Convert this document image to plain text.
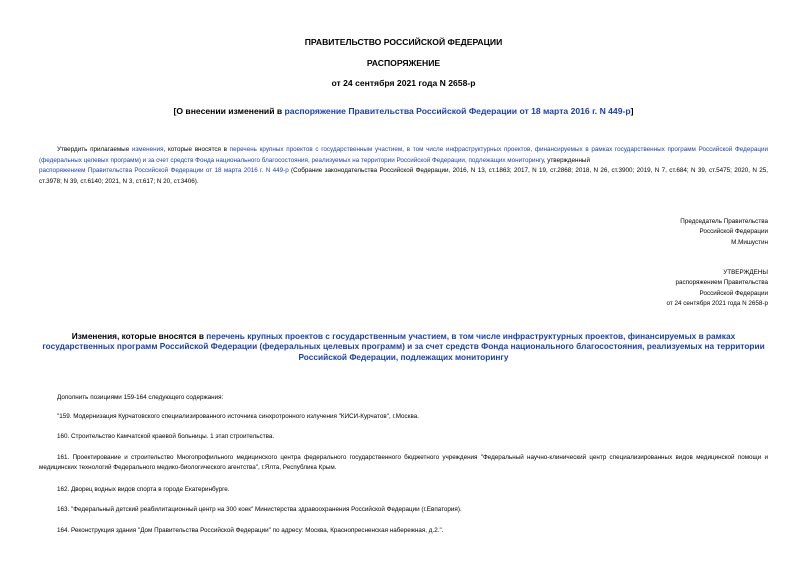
ПРАВИТЕЛЬСТВО РОССИЙСКОЙ ФЕДЕРАЦИИ
РАСПОРЯЖЕНИЕ
от 24 сентября 2021 года N 2658-р
[О внесении изменений в распоряжение Правительства Российской Федерации от 18 марта 2016 г. N 449-р]
Утвердить прилагаемые изменения, которые вносятся в перечень крупных проектов с государственным участием, в том числе инфраструктурных проектов, финансируемых в рамках государственных программ Российской Федерации (федеральных целевых программ) и за счет средств Фонда национального благосостояния, реализуемых на территории Российской Федерации, подлежащих мониторингу, утвержденный
распоряжением Правительства Российской Федерации от 18 марта 2016 г. N 449-р (Собрание законодательства Российской Федерации, 2016, N 13, ст.1863; 2017, N 19, ст.2868; 2018, N 26, ст.3900; 2019, N 7, ст.684; N 39, ст.5475; 2020, N 25, ст.3978; N 39, ст.6140; 2021, N 3, ст.617; N 20, ст.3406).
Председатель Правительства
Российской Федерации
М.Мишустин
УТВЕРЖДЕНЫ
распоряжением Правительства
Российской Федерации
от 24 сентября 2021 года N 2658-р
Изменения, которые вносятся в перечень крупных проектов с государственным участием, в том числе инфраструктурных проектов, финансируемых в рамках государственных программ Российской Федерации (федеральных целевых программ) и за счет средств Фонда национального благосостояния, реализуемых на территории Российской Федерации, подлежащих мониторингу
Дополнить позициями 159-164 следующего содержания:
"159. Модернизация Курчатовского специализированного источника синхротронного излучения "КИСИ-Курчатов", г.Москва.
160. Строительство Камчатской краевой больницы. 1 этап строительства.
161. Проектирование и строительство Многопрофильного медицинского центра федерального государственного бюджетного учреждения "Федеральный научно-клинический центр специализированных видов медицинской помощи и медицинских технологий Федерального медико-биологического агентства", г.Ялта, Республика Крым.
162. Дворец водных видов спорта в городе Екатеринбурге.
163. "Федеральный детский реабилитационный центр на 300 коек" Министерства здравоохранения Российской Федерации (г.Евпатория).
164. Реконструкция здания "Дом Правительства Российской Федерации" по адресу: Москва, Краснопресненская набережная, д.2.".
